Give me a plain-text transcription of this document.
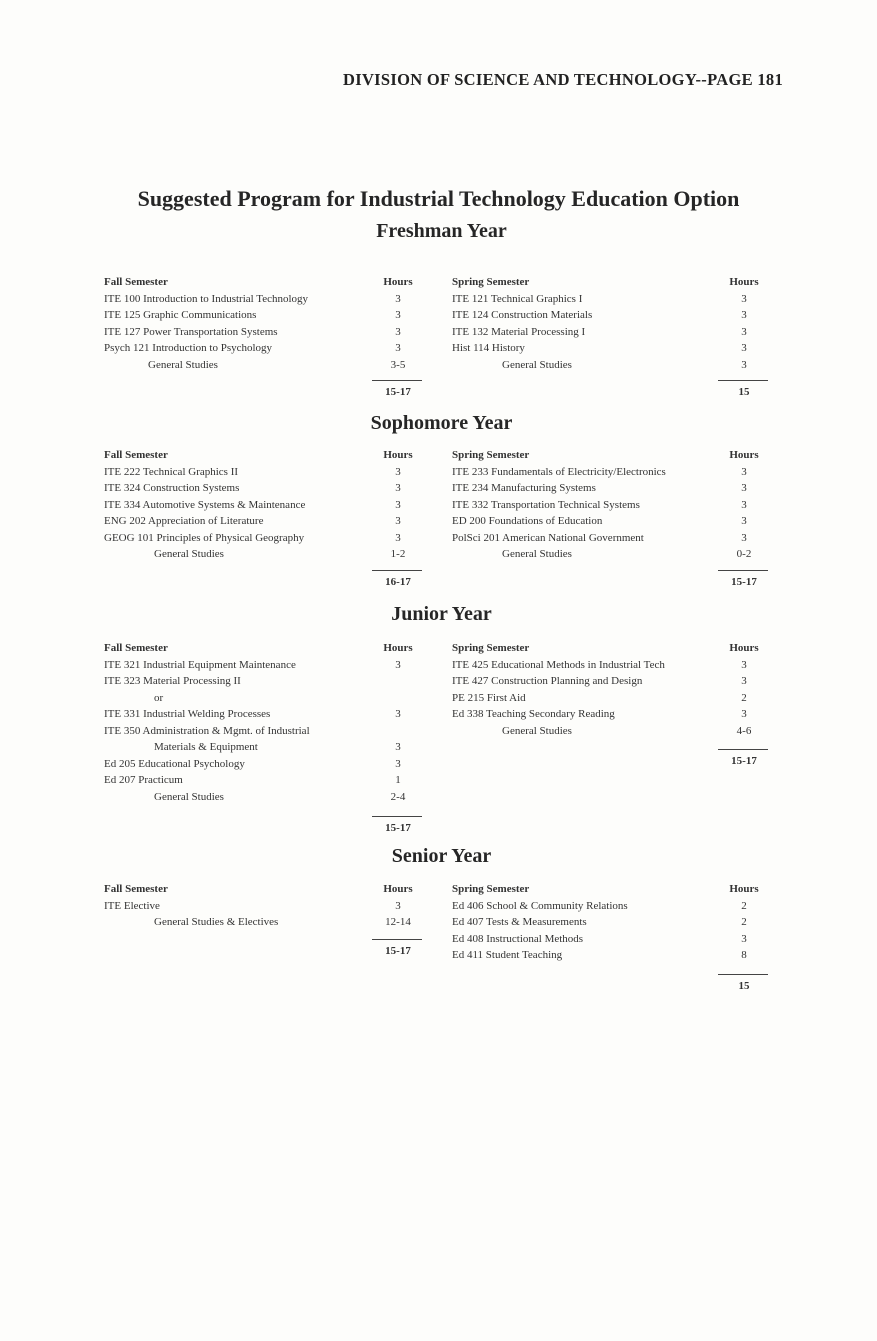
DIVISION OF SCIENCE AND TECHNOLOGY--PAGE 181
Suggested Program for Industrial Technology Education Option
Freshman Year
Fall Semester	Hours
ITE 100 Introduction to Industrial Technology	3
ITE 125 Graphic Communications	3
ITE 127 Power Transportation Systems	3
Psych 121 Introduction to Psychology	3
General Studies	3-5
15-17
Spring Semester	Hours
ITE 121 Technical Graphics I	3
ITE 124 Construction Materials	3
ITE 132 Material Processing I	3
Hist 114 History	3
General Studies	3
15
Sophomore Year
Fall Semester	Hours
ITE 222 Technical Graphics II	3
ITE 324 Construction Systems	3
ITE 334 Automotive Systems & Maintenance	3
ENG 202 Appreciation of Literature	3
GEOG 101 Principles of Physical Geography	3
General Studies	1-2
16-17
Spring Semester	Hours
ITE 233 Fundamentals of Electricity/Electronics	3
ITE 234 Manufacturing Systems	3
ITE 332 Transportation Technical Systems	3
ED 200 Foundations of Education	3
PolSci 201 American National Government	3
General Studies	0-2
15-17
Junior Year
Fall Semester	Hours
ITE 321 Industrial Equipment Maintenance	3
ITE 323 Material Processing II
or
ITE 331 Industrial Welding Processes	3
ITE 350 Administration & Mgmt. of Industrial
Materials & Equipment	3
Ed 205 Educational Psychology	3
Ed 207 Practicum	1
General Studies	2-4
15-17
Spring Semester	Hours
ITE 425 Educational Methods in Industrial Tech	3
ITE 427 Construction Planning and Design	3
PE 215 First Aid	2
Ed 338 Teaching Secondary Reading	3
General Studies	4-6
15-17
Senior Year
Fall Semester	Hours
ITE Elective	3
General Studies & Electives	12-14
15-17
Spring Semester	Hours
Ed 406 School & Community Relations	2
Ed 407 Tests & Measurements	2
Ed 408 Instructional Methods	3
Ed 411 Student Teaching	8
15
